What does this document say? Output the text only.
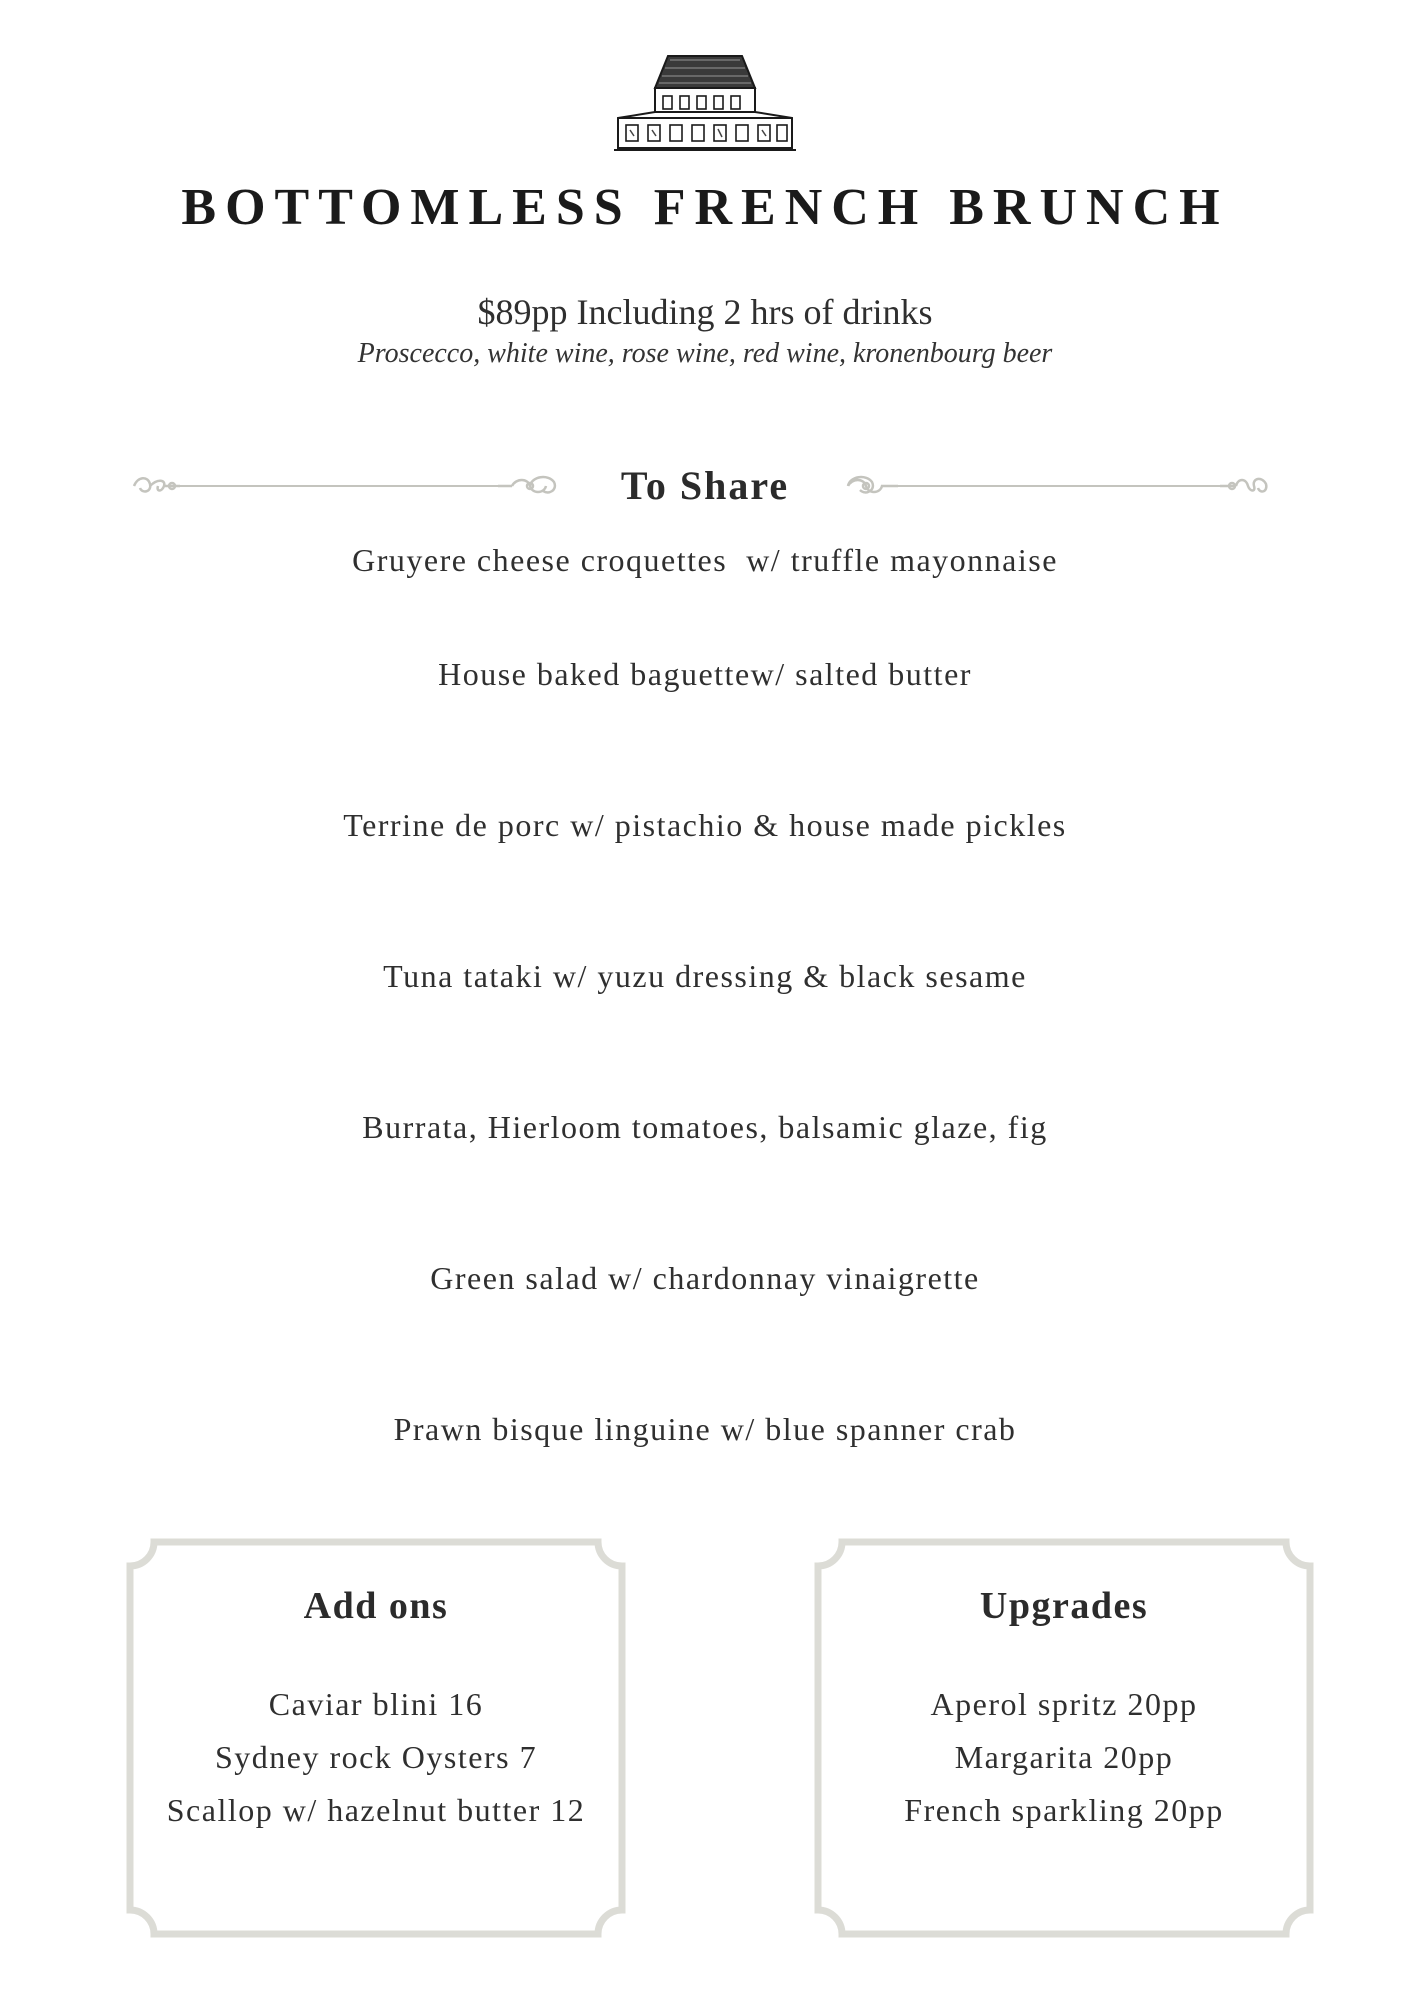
BOTTOMLESS FRENCH BRUNCH
$89pp Including 2 hrs of drinks
Proscecco, white wine, rose wine, red wine, kronenbourg beer
To Share
Gruyere cheese croquettes  w/ truffle mayonnaise
House baked baguettew/ salted butter
Terrine de porc w/ pistachio & house made pickles
Tuna tataki w/ yuzu dressing & black sesame
Burrata, Hierloom tomatoes, balsamic glaze, fig
Green salad w/ chardonnay vinaigrette
Prawn bisque linguine w/ blue spanner crab
Add ons
Caviar blini 16
Sydney rock Oysters 7
Scallop w/ hazelnut butter 12
Upgrades
Aperol spritz 20pp
Margarita 20pp
French sparkling 20pp
